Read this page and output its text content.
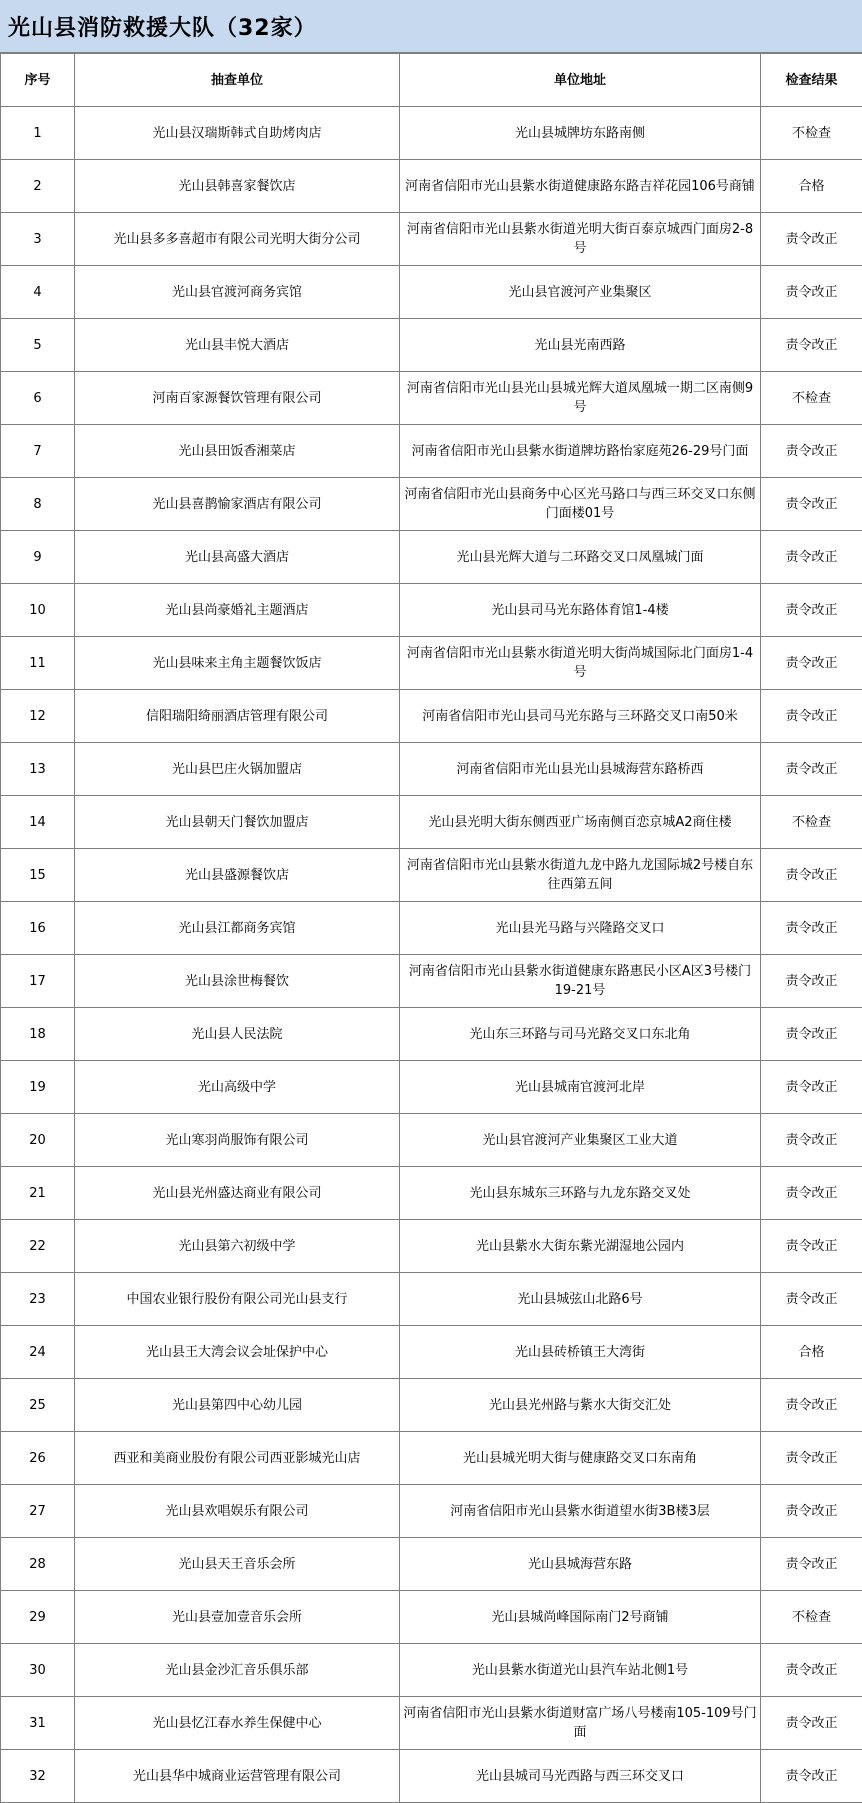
光山县消防救援大队（32家）
序号	抽查单位	单位地址	检查结果
1	光山县汉瑞斯韩式自助烤肉店	光山县城牌坊东路南侧	不检查
2	光山县韩喜家餐饮店	河南省信阳市光山县紫水街道健康路东路吉祥花园106号商铺	合格
3	光山县多多喜超市有限公司光明大街分公司	河南省信阳市光山县紫水街道光明大街百泰京城西门面房2-8号	责令改正
4	光山县官渡河商务宾馆	光山县官渡河产业集聚区	责令改正
5	光山县丰悦大酒店	光山县光南西路	责令改正
6	河南百家源餐饮管理有限公司	河南省信阳市光山县光山县城光辉大道凤凰城一期二区南侧9号	不检查
7	光山县田饭香湘菜店	河南省信阳市光山县紫水街道牌坊路怡家庭苑26-29号门面	责令改正
8	光山县喜鹊愉家酒店有限公司	河南省信阳市光山县商务中心区光马路口与西三环交叉口东侧门面楼01号	责令改正
9	光山县高盛大酒店	光山县光辉大道与二环路交叉口凤凰城门面	责令改正
10	光山县尚豪婚礼主题酒店	光山县司马光东路体育馆1-4楼	责令改正
11	光山县味来主角主题餐饮饭店	河南省信阳市光山县紫水街道光明大街尚城国际北门面房1-4号	责令改正
12	信阳瑞阳绮丽酒店管理有限公司	河南省信阳市光山县司马光东路与三环路交叉口南50米	责令改正
13	光山县巴庄火锅加盟店	河南省信阳市光山县光山县城海营东路桥西	责令改正
14	光山县朝天门餐饮加盟店	光山县光明大街东侧西亚广场南侧百恋京城A2商住楼	不检查
15	光山县盛源餐饮店	河南省信阳市光山县紫水街道九龙中路九龙国际城2号楼自东往西第五间	责令改正
16	光山县江都商务宾馆	光山县光马路与兴隆路交叉口	责令改正
17	光山县涂世梅餐饮	河南省信阳市光山县紫水街道健康东路惠民小区A区3号楼门19-21号	责令改正
18	光山县人民法院	光山东三环路与司马光路交叉口东北角	责令改正
19	光山高级中学	光山县城南官渡河北岸	责令改正
20	光山寒羽尚服饰有限公司	光山县官渡河产业集聚区工业大道	责令改正
21	光山县光州盛达商业有限公司	光山县东城东三环路与九龙东路交叉处	责令改正
22	光山县第六初级中学	光山县紫水大街东紫光湖湿地公园内	责令改正
23	中国农业银行股份有限公司光山县支行	光山县城弦山北路6号	责令改正
24	光山县王大湾会议会址保护中心	光山县砖桥镇王大湾街	合格
25	光山县第四中心幼儿园	光山县光州路与紫水大街交汇处	责令改正
26	西亚和美商业股份有限公司西亚影城光山店	光山县城光明大街与健康路交叉口东南角	责令改正
27	光山县欢唱娱乐有限公司	河南省信阳市光山县紫水街道望水街3B楼3层	责令改正
28	光山县天王音乐会所	光山县城海营东路	责令改正
29	光山县壹加壹音乐会所	光山县城尚峰国际南门2号商铺	不检查
30	光山县金沙汇音乐俱乐部	光山县紫水街道光山县汽车站北侧1号	责令改正
31	光山县忆江春水养生保健中心	河南省信阳市光山县紫水街道财富广场八号楼南105-109号门面	责令改正
32	光山县华中城商业运营管理有限公司	光山县城司马光西路与西三环交叉口	责令改正
